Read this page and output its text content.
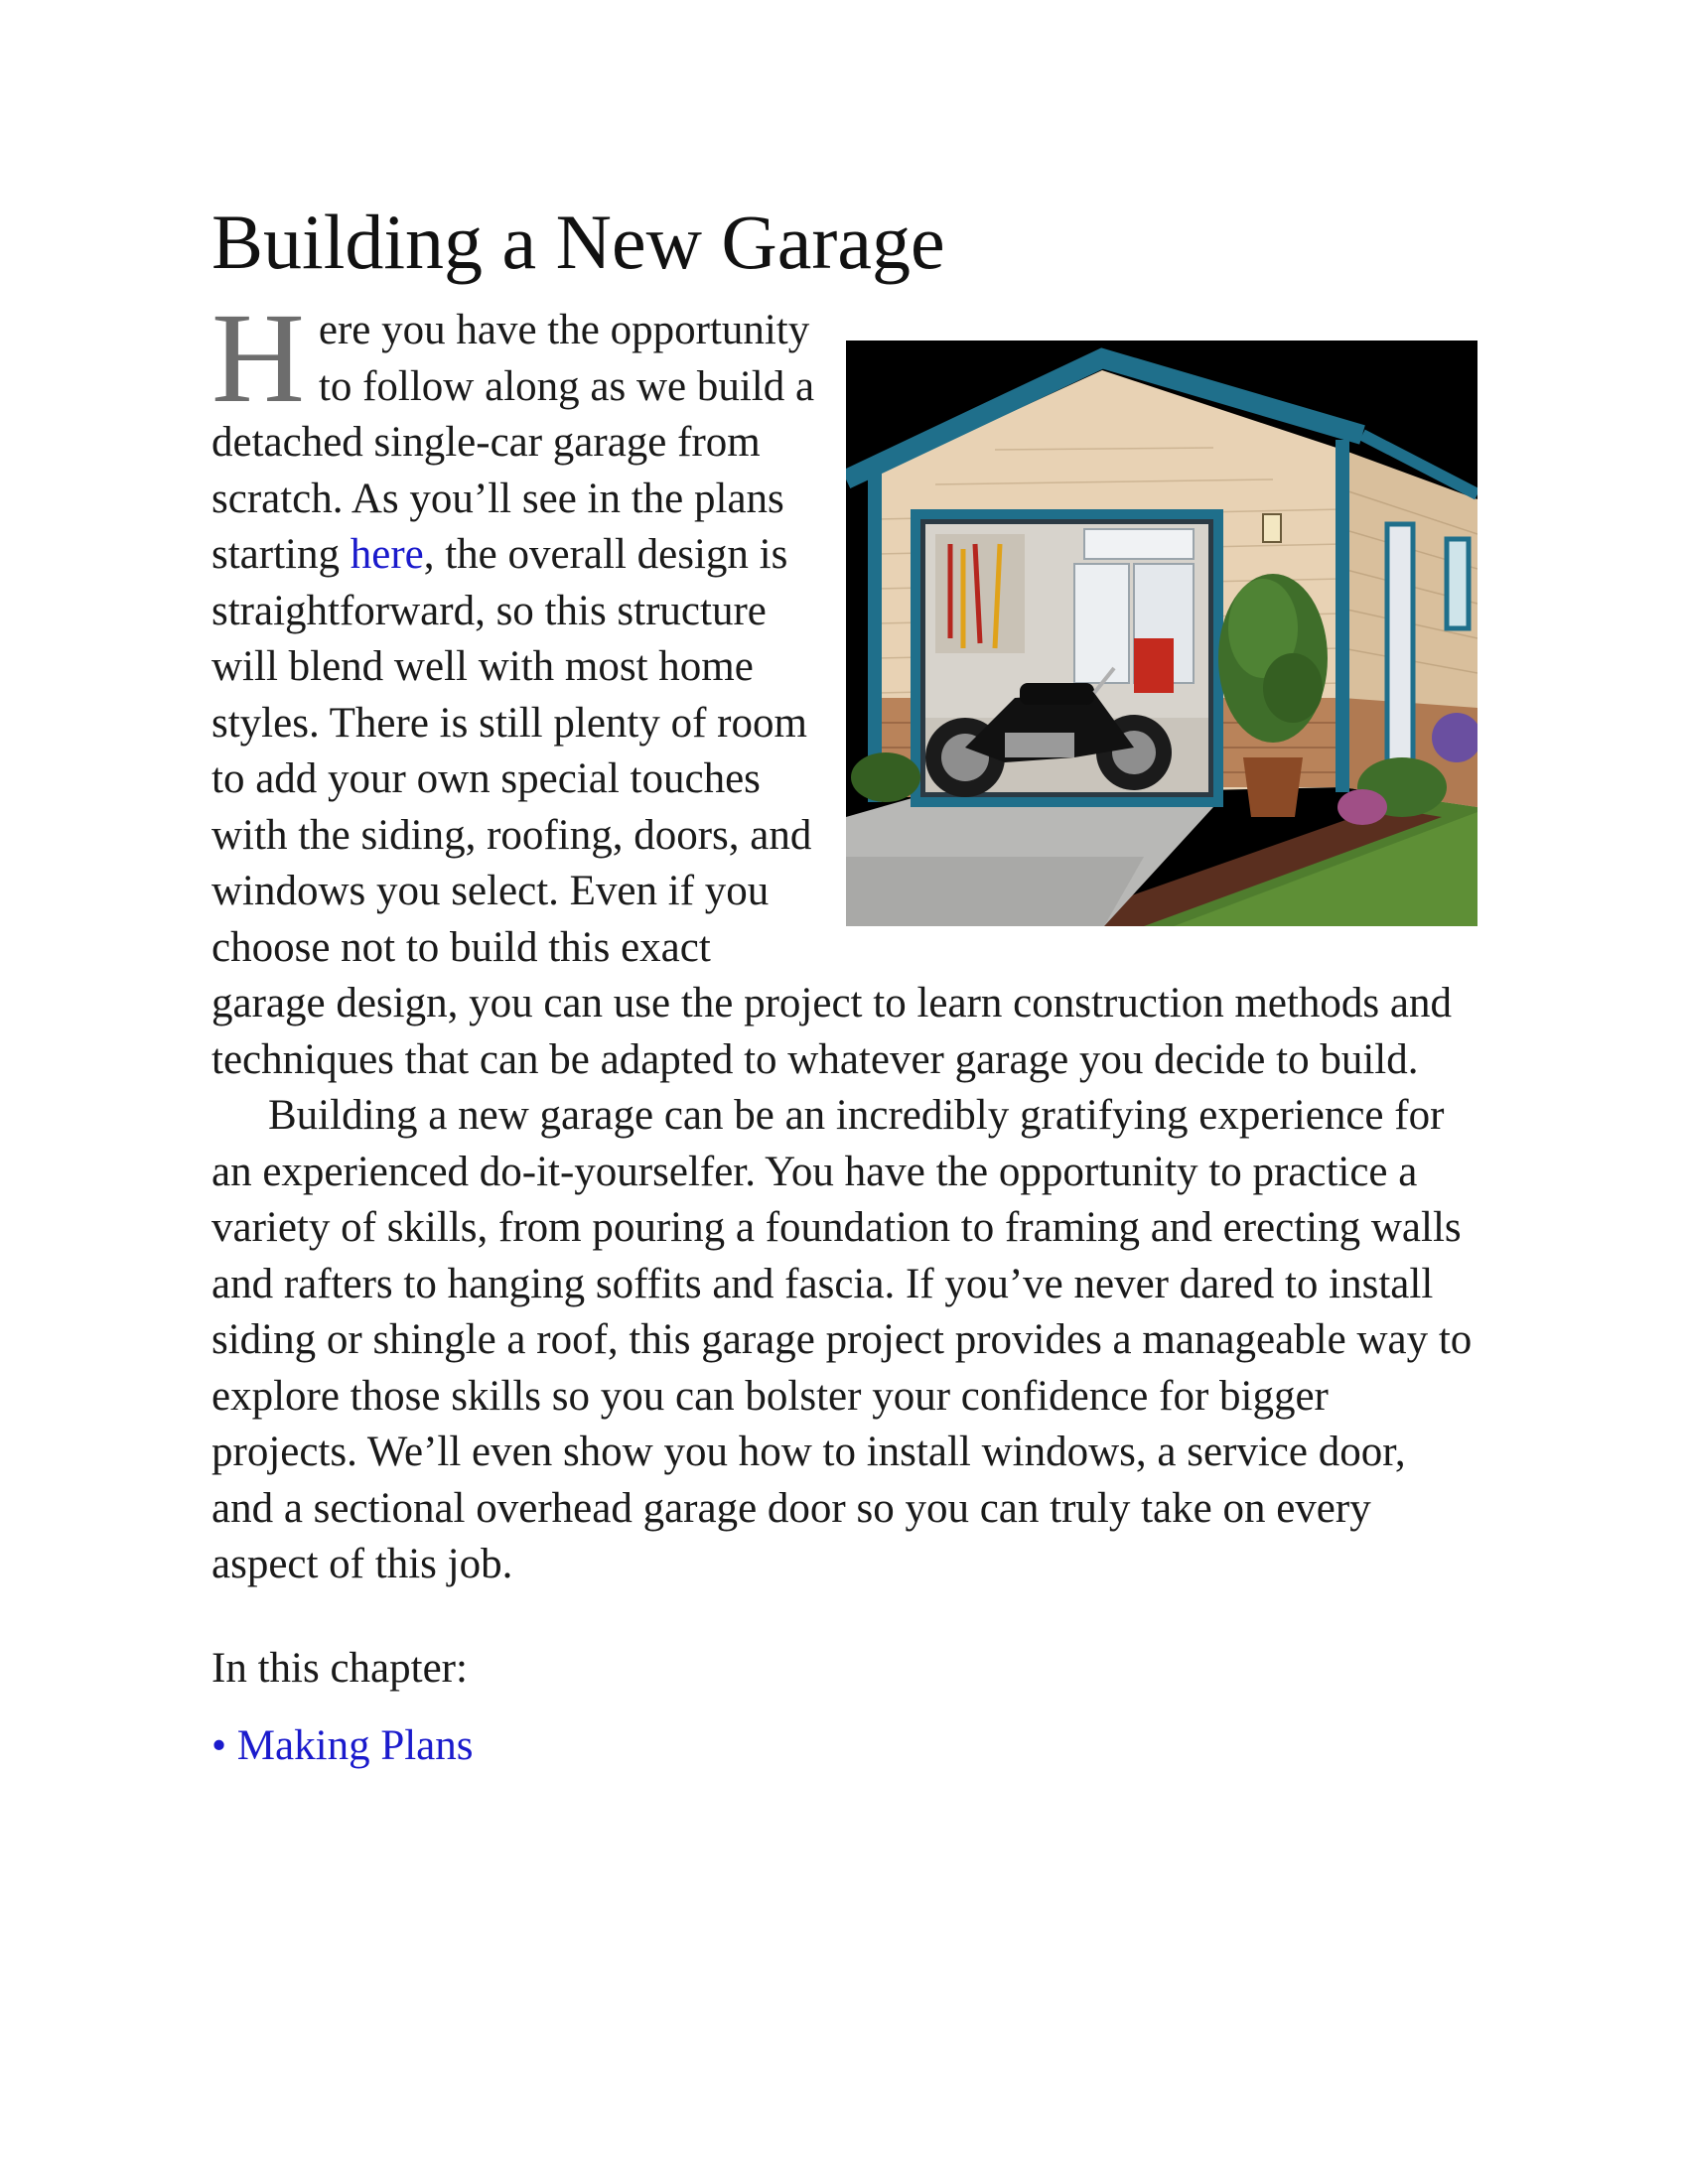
Building a New Garage

Here you have the opportunity to follow along as we build a detached single-car garage from scratch. As you’ll see in the plans starting here, the overall design is straightforward, so this structure will blend well with most home styles. There is still plenty of room to add your own special touches with the siding, roofing, doors, and windows you select. Even if you choose not to build this exact garage design, you can use the project to learn construction methods and techniques that can be adapted to whatever garage you decide to build.

Building a new garage can be an incredibly gratifying experience for an experienced do-it-yourselfer. You have the opportunity to practice a variety of skills, from pouring a foundation to framing and erecting walls and rafters to hanging soffits and fascia. If you’ve never dared to install siding or shingle a roof, this garage project provides a manageable way to explore those skills so you can bolster your confidence for bigger projects. We’ll even show you how to install windows, a service door, and a sectional overhead garage door so you can truly take on every aspect of this job.

In this chapter:

• Making Plans
